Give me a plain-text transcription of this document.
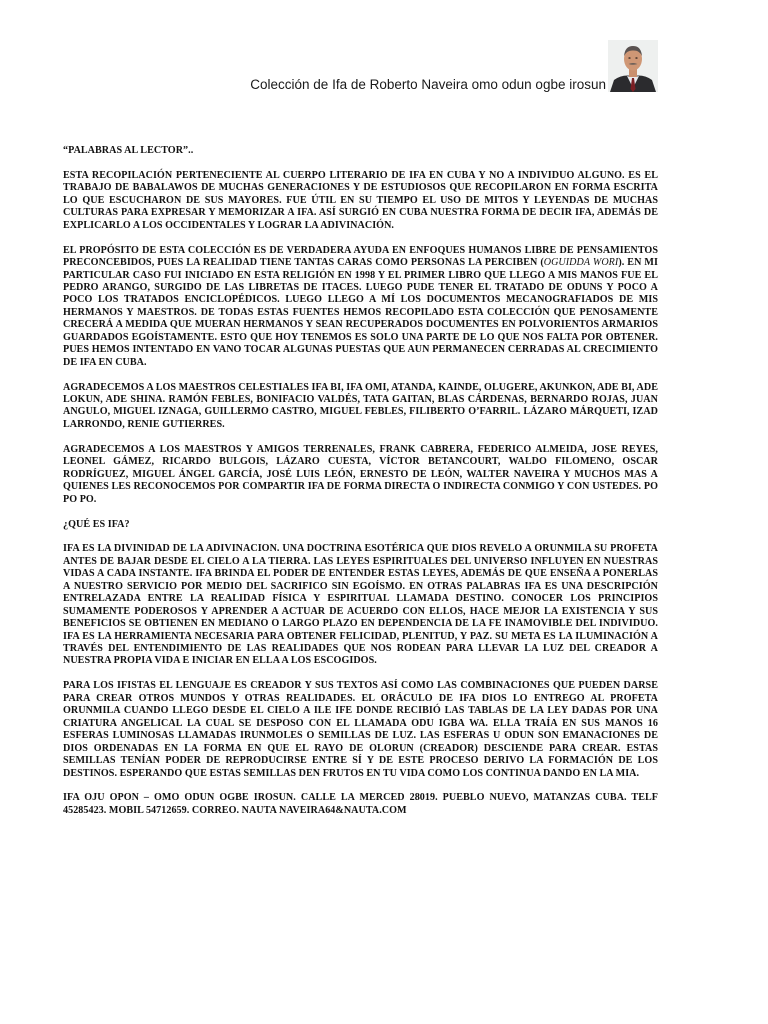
Colección de Ifa de Roberto Naveira omo odun ogbe irosun

“PALABRAS AL LECTOR”..

ESTA RECOPILACIÓN PERTENECIENTE AL CUERPO LITERARIO DE IFA EN CUBA Y NO A INDIVIDUO ALGUNO. ES EL TRABAJO DE BABALAWOS DE MUCHAS GENERACIONES Y DE ESTUDIOSOS QUE RECOPILARON EN FORMA ESCRITA LO QUE ESCUCHARON DE SUS MAYORES. FUE ÚTIL EN SU TIEMPO EL USO DE MITOS Y LEYENDAS DE MUCHAS CULTURAS PARA EXPRESAR Y MEMORIZAR A IFA. ASÍ SURGIÓ EN CUBA NUESTRA FORMA DE DECIR IFA, ADEMÁS DE EXPLICARLO A LOS OCCIDENTALES Y LOGRAR LA ADIVINACIÓN.

EL PROPÓSITO DE ESTA COLECCIÓN ES DE VERDADERA AYUDA EN ENFOQUES HUMANOS LIBRE DE PENSAMIENTOS PRECONCEBIDOS, PUES LA REALIDAD TIENE TANTAS CARAS COMO PERSONAS LA PERCIBEN (OGUIDDA WORI). EN MI PARTICULAR CASO FUI INICIADO EN ESTA RELIGIÓN EN 1998 Y EL PRIMER LIBRO QUE LLEGO A MIS MANOS FUE EL PEDRO ARANGO, SURGIDO DE LAS LIBRETAS DE ITACES. LUEGO PUDE TENER EL TRATADO DE ODUNS Y POCO A POCO LOS TRATADOS ENCICLOPÉDICOS. LUEGO LLEGO A MÍ LOS DOCUMENTOS MECANOGRAFIADOS DE MIS HERMANOS Y MAESTROS. DE TODAS ESTAS FUENTES HEMOS RECOPILADO ESTA COLECCIÓN QUE PENOSAMENTE CRECERÁ A MEDIDA QUE MUERAN HERMANOS Y SEAN RECUPERADOS DOCUMENTES EN POLVORIENTOS ARMARIOS GUARDADOS EGOÍSTAMENTE. ESTO QUE HOY TENEMOS ES SOLO UNA PARTE DE LO QUE NOS FALTA POR OBTENER. PUES HEMOS INTENTADO EN VANO TOCAR ALGUNAS PUESTAS QUE AUN PERMANECEN CERRADAS AL CRECIMIENTO DE IFA EN CUBA.

AGRADECEMOS A LOS MAESTROS CELESTIALES IFA BI, IFA OMI, ATANDA, KAINDE, OLUGERE, AKUNKON, ADE BI, ADE LOKUN, ADE SHINA. RAMÓN FEBLES, BONIFACIO VALDÉS, TATA GAITAN, BLAS CÁRDENAS, BERNARDO ROJAS, JUAN ANGULO, MIGUEL IZNAGA, GUILLERMO CASTRO, MIGUEL FEBLES, FILIBERTO O’FARRIL. LÁZARO MÁRQUETI, IZAD LARRONDO, RENIE GUTIERRES.

AGRADECEMOS A LOS MAESTROS Y AMIGOS TERRENALES, FRANK CABRERA, FEDERICO ALMEIDA, JOSE REYES, LEONEL GÁMEZ, RICARDO BULGOIS, LÁZARO CUESTA, VÍCTOR BETANCOURT, WALDO FILOMENO, OSCAR RODRÍGUEZ, MIGUEL ÁNGEL GARCÍA, JOSÉ LUIS LEÓN, ERNESTO DE LEÓN, WALTER NAVEIRA Y MUCHOS MAS A QUIENES LES RECONOCEMOS POR COMPARTIR IFA DE FORMA DIRECTA O INDIRECTA CONMIGO Y CON USTEDES. PO PO PO.

¿QUÉ ES IFA?

IFA ES LA DIVINIDAD DE LA ADIVINACION. UNA DOCTRINA ESOTÉRICA QUE DIOS REVELO A ORUNMILA SU PROFETA ANTES DE BAJAR DESDE EL CIELO A LA TIERRA. LAS LEYES ESPIRITUALES DEL UNIVERSO INFLUYEN EN NUESTRAS VIDAS A CADA INSTANTE. IFA BRINDA EL PODER DE ENTENDER ESTAS LEYES, ADEMÁS DE QUE ENSEÑA A PONERLAS A NUESTRO SERVICIO POR MEDIO DEL SACRIFICO SIN EGOÍSMO. EN OTRAS PALABRAS IFA ES UNA DESCRIPCIÓN ENTRELAZADA ENTRE LA REALIDAD FÍSICA Y ESPIRITUAL LLAMADA DESTINO. CONOCER LOS PRINCIPIOS SUMAMENTE PODEROSOS Y APRENDER A ACTUAR DE ACUERDO CON ELLOS, HACE MEJOR LA EXISTENCIA Y SUS BENEFICIOS SE OBTIENEN EN MEDIANO O LARGO PLAZO EN DEPENDENCIA DE LA FE INAMOVIBLE DEL INDIVIDUO. IFA ES LA HERRAMIENTA NECESARIA PARA OBTENER FELICIDAD, PLENITUD, Y PAZ. SU META ES LA ILUMINACIÓN A TRAVÉS DEL ENTENDIMIENTO DE LAS REALIDADES QUE NOS RODEAN PARA LLEVAR LA LUZ DEL CREADOR A NUESTRA PROPIA VIDA E INICIAR EN ELLA A LOS ESCOGIDOS.

PARA LOS IFISTAS EL LENGUAJE ES CREADOR Y SUS TEXTOS ASÍ COMO LAS COMBINACIONES QUE PUEDEN DARSE PARA CREAR OTROS MUNDOS Y OTRAS REALIDADES. EL ORÁCULO DE IFA DIOS LO ENTREGO AL PROFETA ORUNMILA CUANDO LLEGO DESDE EL CIELO A ILE IFE DONDE RECIBIÓ LAS TABLAS DE LA LEY DADAS POR UNA CRIATURA ANGELICAL LA CUAL SE DESPOSO CON EL LLAMADA ODU IGBA WA. ELLA TRAÍA EN SUS MANOS 16 ESFERAS LUMINOSAS LLAMADAS IRUNMOLES O SEMILLAS DE LUZ. LAS ESFERAS U ODUN SON EMANACIONES DE DIOS ORDENADAS EN LA FORMA EN QUE EL RAYO DE OLORUN (CREADOR) DESCIENDE PARA CREAR. ESTAS SEMILLAS TENÍAN PODER DE REPRODUCIRSE ENTRE SÍ Y DE ESTE PROCESO DERIVO LA FORMACIÓN DE LOS DESTINOS. ESPERANDO QUE ESTAS SEMILLAS DEN FRUTOS EN TU VIDA COMO LOS CONTINUA DANDO EN LA MIA.

IFA OJU OPON – OMO ODUN OGBE IROSUN. CALLE LA MERCED 28019. PUEBLO NUEVO, MATANZAS CUBA. TELF 45285423. MOBIL 54712659. CORREO. NAUTA NAVEIRA64&NAUTA.COM
